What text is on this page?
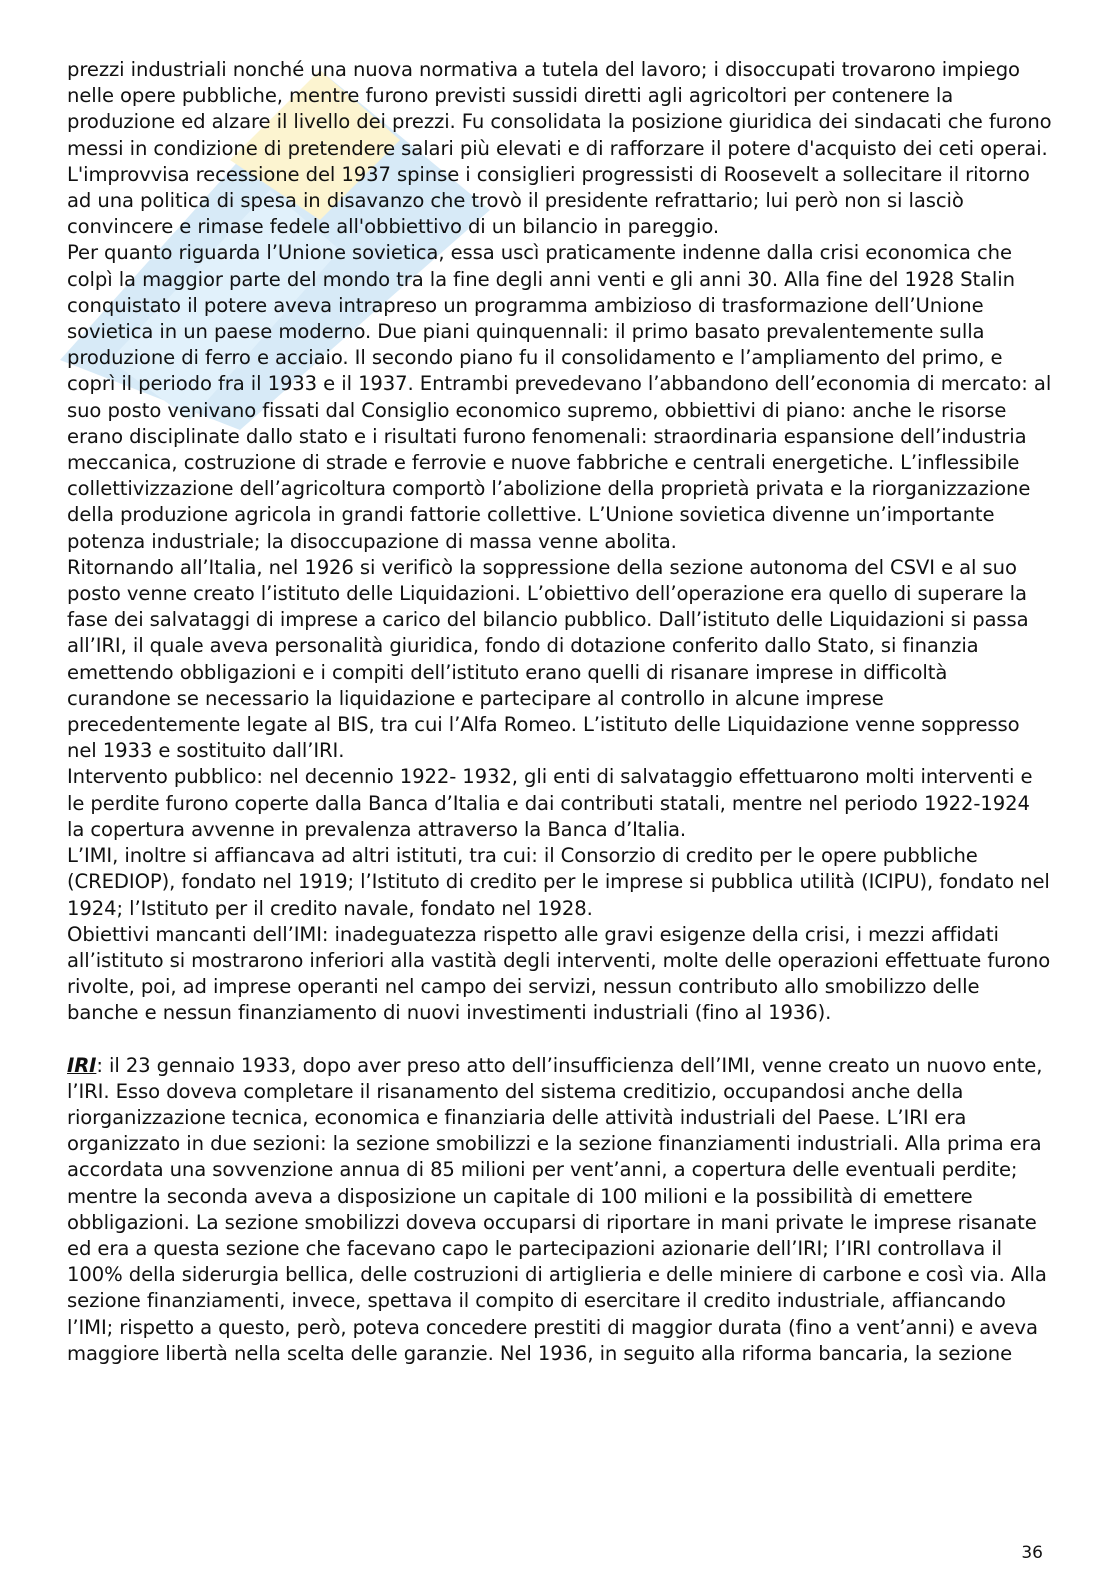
prezzi industriali nonché una nuova normativa a tutela del lavoro; i disoccupati trovarono impiego nelle opere pubbliche, mentre furono previsti sussidi diretti agli agricoltori per contenere la produzione ed alzare il livello dei prezzi. Fu consolidata la posizione giuridica dei sindacati che furono messi in condizione di pretendere salari più elevati e di rafforzare il potere d'acquisto dei ceti operai.

L'improvvisa recessione del 1937 spinse i consiglieri progressisti di Roosevelt a sollecitare il ritorno ad una politica di spesa in disavanzo che trovò il presidente refrattario; lui però non si lasciò convincere e rimase fedele all'obbiettivo di un bilancio in pareggio.

Per quanto riguarda l’Unione sovietica, essa uscì praticamente indenne dalla crisi economica che colpì la maggior parte del mondo tra la fine degli anni venti e gli anni 30. Alla fine del 1928 Stalin conquistato il potere aveva intrapreso un programma ambizioso di trasformazione dell’Unione sovietica in un paese moderno. Due piani quinquennali: il primo basato prevalentemente sulla produzione di ferro e acciaio. Il secondo piano fu il consolidamento e l’ampliamento del primo, e coprì il periodo fra il 1933 e il 1937. Entrambi prevedevano l’abbandono dell’economia di mercato: al suo posto venivano fissati dal Consiglio economico supremo, obbiettivi di piano: anche le risorse erano disciplinate dallo stato e i risultati furono fenomenali: straordinaria espansione dell’industria meccanica, costruzione di strade e ferrovie e nuove fabbriche e centrali energetiche. L’inflessibile collettivizzazione dell’agricoltura comportò l’abolizione della proprietà privata e la riorganizzazione della produzione agricola in grandi fattorie collettive. L’Unione sovietica divenne un’importante potenza industriale; la disoccupazione di massa venne abolita.

Ritornando all’Italia, nel 1926 si verificò la soppressione della sezione autonoma del CSVI e al suo posto venne creato l’istituto delle Liquidazioni. L’obiettivo dell’operazione era quello di superare la fase dei salvataggi di imprese a carico del bilancio pubblico. Dall’istituto delle Liquidazioni si passa all’IRI, il quale aveva personalità giuridica, fondo di dotazione conferito dallo Stato, si finanzia emettendo obbligazioni e i compiti dell’istituto erano quelli di risanare imprese in difficoltà curandone se necessario la liquidazione e partecipare al controllo in alcune imprese precedentemente legate al BIS, tra cui l’Alfa Romeo. L’istituto delle Liquidazione venne soppresso nel 1933 e sostituito dall’IRI.

Intervento pubblico: nel decennio 1922- 1932, gli enti di salvataggio effettuarono molti interventi e le perdite furono coperte dalla Banca d’Italia e dai contributi statali, mentre nel periodo 1922-1924 la copertura avvenne in prevalenza attraverso la Banca d’Italia.

L’IMI, inoltre si affiancava ad altri istituti, tra cui: il Consorzio di credito per le opere pubbliche (CREDIOP), fondato nel 1919; l’Istituto di credito per le imprese si pubblica utilità (ICIPU), fondato nel 1924; l’Istituto per il credito navale, fondato nel 1928.

Obiettivi mancanti dell’IMI: inadeguatezza rispetto alle gravi esigenze della crisi, i mezzi affidati all’istituto si mostrarono inferiori alla vastità degli interventi, molte delle operazioni effettuate furono rivolte, poi, ad imprese operanti nel campo dei servizi, nessun contributo allo smobilizzo delle banche e nessun finanziamento di nuovi investimenti industriali (fino al 1936).

IRI: il 23 gennaio 1933, dopo aver preso atto dell’insufficienza dell’IMI, venne creato un nuovo ente, l’IRI. Esso doveva completare il risanamento del sistema creditizio, occupandosi anche della riorganizzazione tecnica, economica e finanziaria delle attività industriali del Paese. L’IRI era organizzato in due sezioni: la sezione smobilizzi e la sezione finanziamenti industriali. Alla prima era accordata una sovvenzione annua di 85 milioni per vent’anni, a copertura delle eventuali perdite; mentre la seconda aveva a disposizione un capitale di 100 milioni e la possibilità di emettere obbligazioni. La sezione smobilizzi doveva occuparsi di riportare in mani private le imprese risanate ed era a questa sezione che facevano capo le partecipazioni azionarie dell’IRI; l’IRI controllava il 100% della siderurgia bellica, delle costruzioni di artiglieria e delle miniere di carbone e così via. Alla sezione finanziamenti, invece, spettava il compito di esercitare il credito industriale, affiancando l’IMI; rispetto a questo, però, poteva concedere prestiti di maggior durata (fino a vent’anni) e aveva maggiore libertà nella scelta delle garanzie. Nel 1936, in seguito alla riforma bancaria, la sezione

36
